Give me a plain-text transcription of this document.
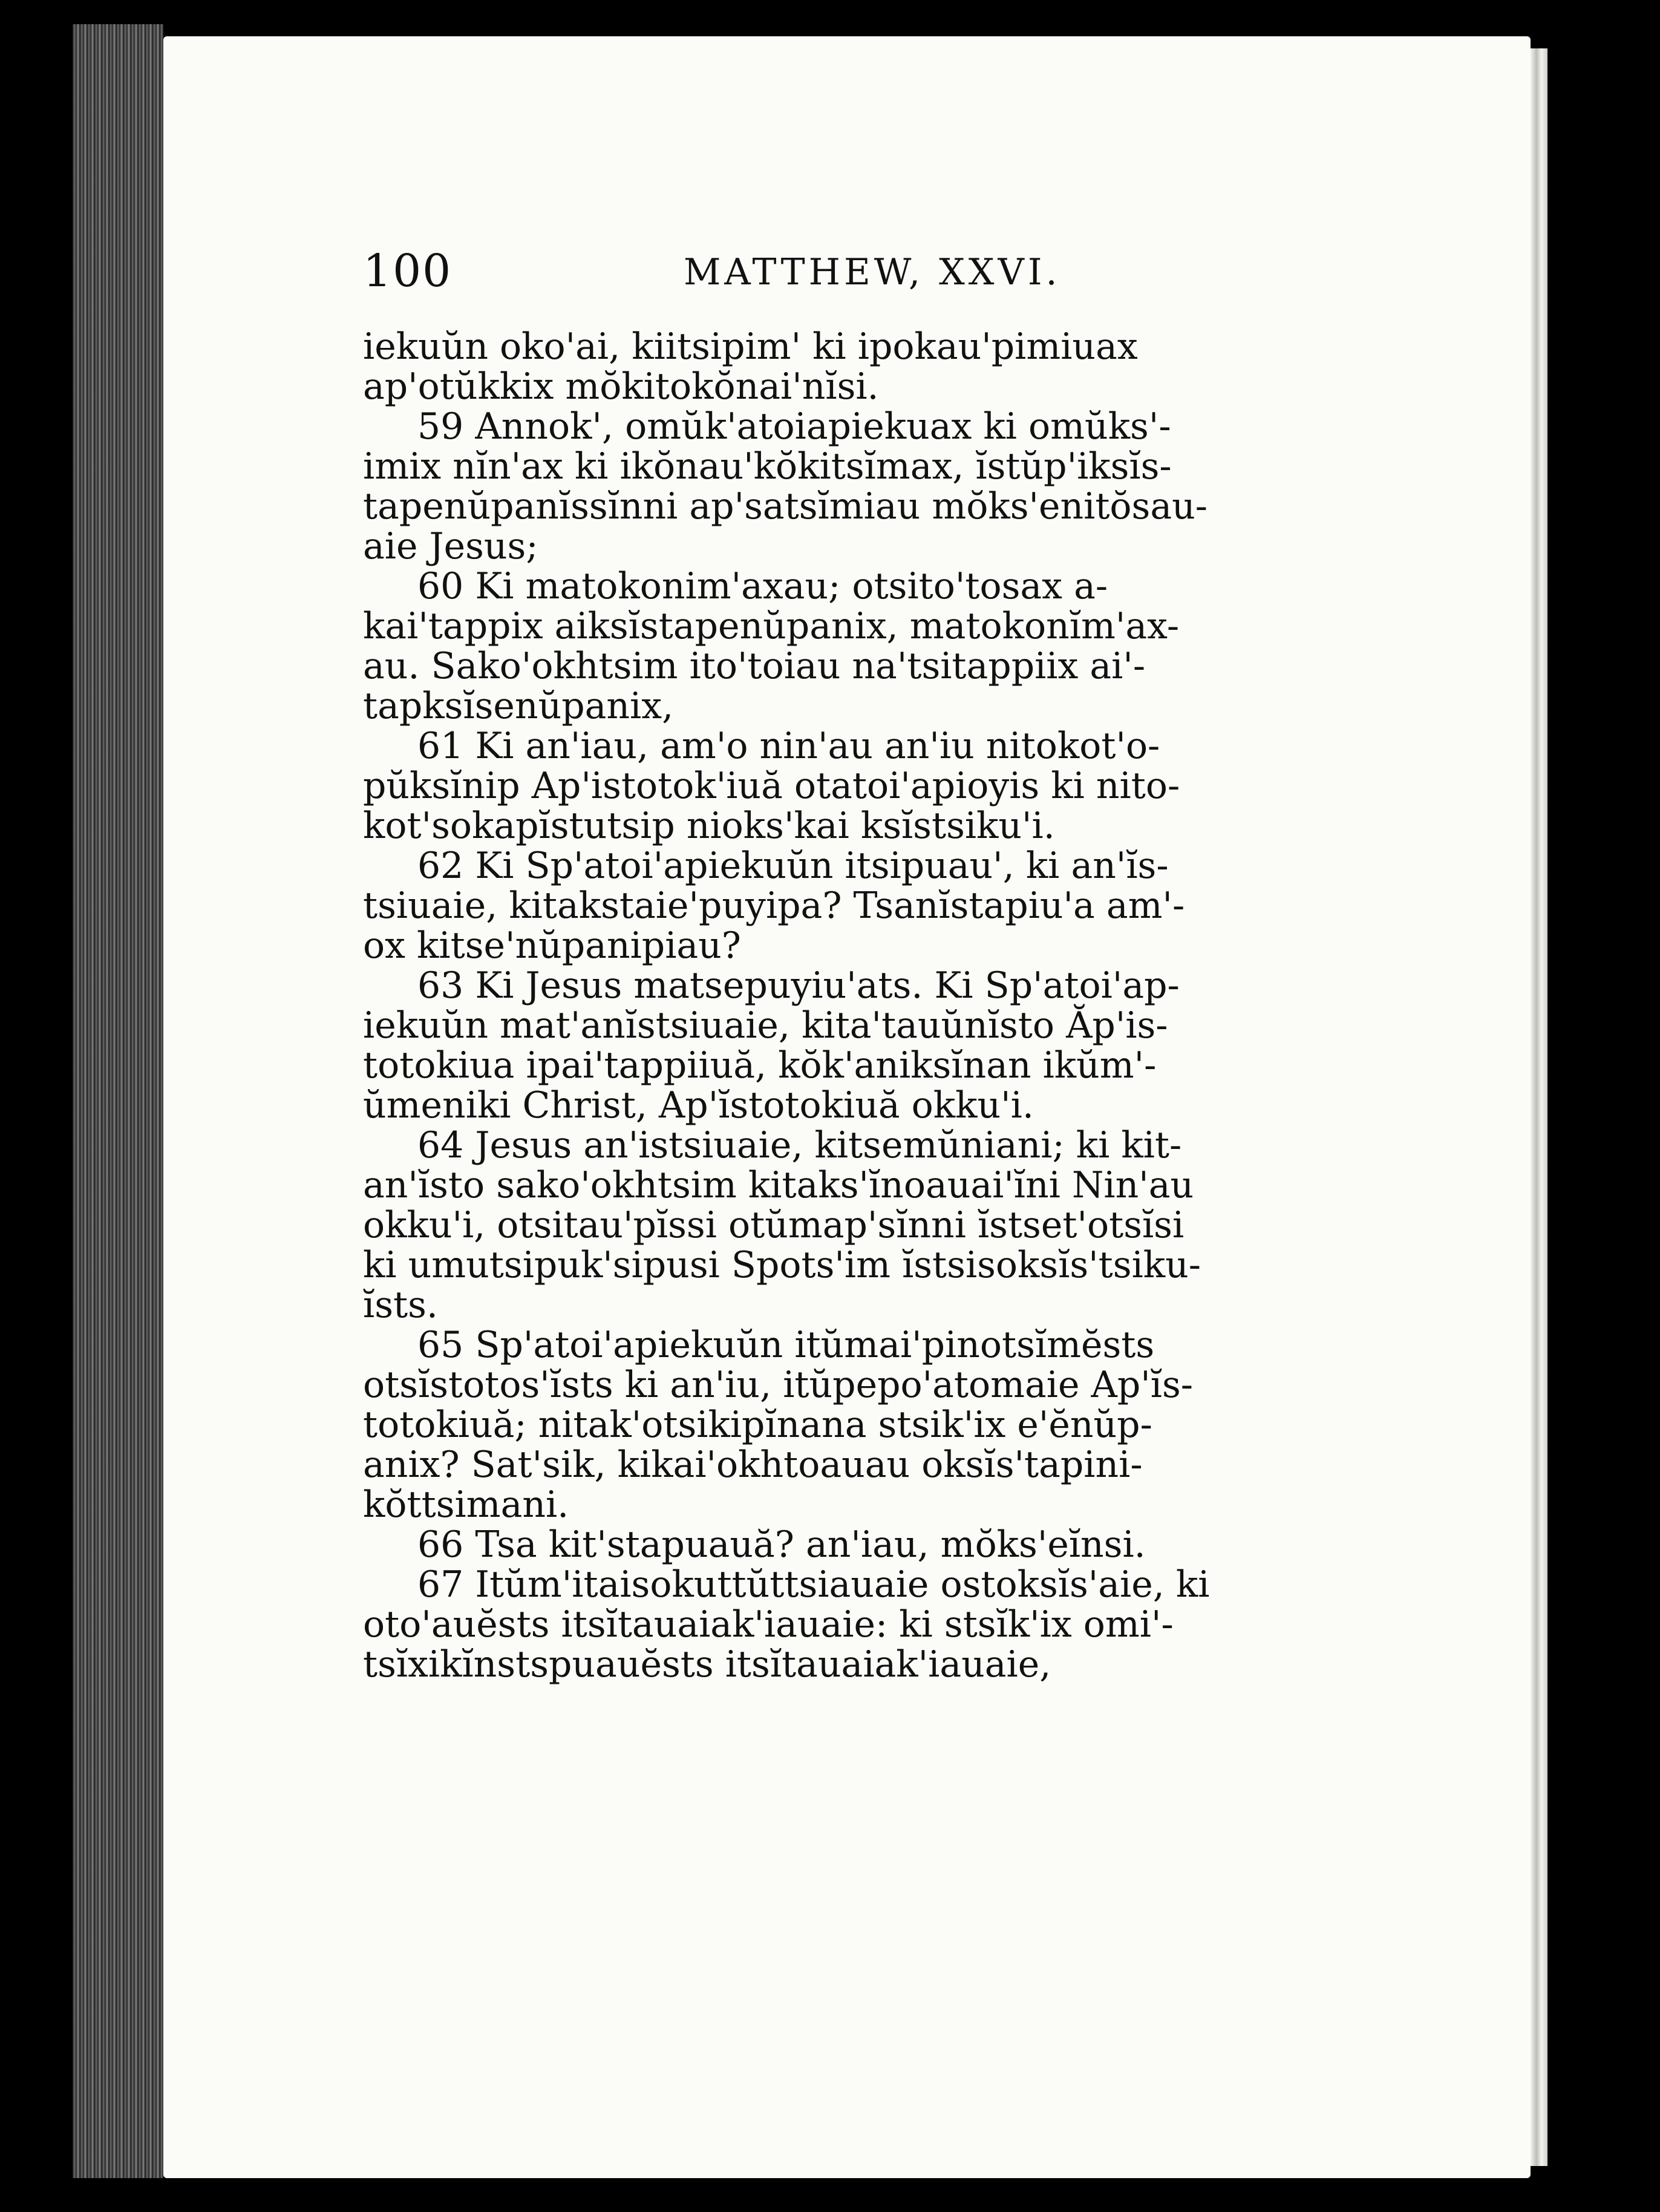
100	MATTHEW, XXVI.
iekuŭn oko'ai, kiitsipim' ki ipokau'pimiuax
ap'otŭkkix mŏkitokŏnai'nĭsi.
59 Annok', omŭk'atoiapiekuax ki omŭks'-
imix nĭn'ax ki ikŏnau'kŏkitsĭmax, ĭstŭp'iksĭs-
tapenŭpanĭssĭnni ap'satsĭmiau mŏks'enitŏsau-
aie Jesus;
60 Ki matokonim'axau; otsito'tosax a-
kai'tappix aiksĭstapenŭpanix, matokonĭm'ax-
au. Sako'okhtsim ito'toiau na'tsitappiix ai'-
tapksĭsenŭpanix,
61 Ki an'iau, am'o nin'au an'iu nitokot'o-
pŭksĭnip Ap'istotok'iuă otatoi'apioyis ki nito-
kot'sokapĭstutsip nioks'kai ksĭstsiku'i.
62 Ki Sp'atoi'apiekuŭn itsipuau', ki an'ĭs-
tsiuaie, kitakstaie'puyipa? Tsanĭstapiu'a am'-
ox kitse'nŭpanipiau?
63 Ki Jesus matsepuyiu'ats. Ki Sp'atoi'ap-
iekuŭn mat'anĭstsiuaie, kita'tauŭnĭsto Ăp'is-
totokiua ipai'tappiiuă, kŏk'aniksĭnan ikŭm'-
ŭmeniki Christ, Ap'ĭstotokiuă okku'i.
64 Jesus an'istsiuaie, kitsemŭniani; ki kit-
an'ĭsto sako'okhtsim kitaks'ĭnoauai'ĭni Nin'au
okku'i, otsitau'pĭssi otŭmap'sĭnni ĭstset'otsĭsi
ki umutsipuk'sipusi Spots'im ĭstsisoksĭs'tsiku-
ĭsts.
65 Sp'atoi'apiekuŭn itŭmai'pinotsĭmĕsts
otsĭstotos'ĭsts ki an'iu, itŭpepo'atomaie Ap'ĭs-
totokiuă; nitak'otsikipĭnana stsik'ix e'ĕnŭp-
anix? Sat'sik, kikai'okhtoauau oksĭs'tapini-
kŏttsimani.
66 Tsa kit'stapuauă? an'iau, mŏks'eĭnsi.
67 Itŭm'itaisokuttŭttsiauaie ostoksĭs'aie, ki
oto'auĕsts itsĭtauaiak'iauaie: ki stsĭk'ix omi'-
tsĭxikĭnstspuauĕsts itsĭtauaiak'iauaie,
